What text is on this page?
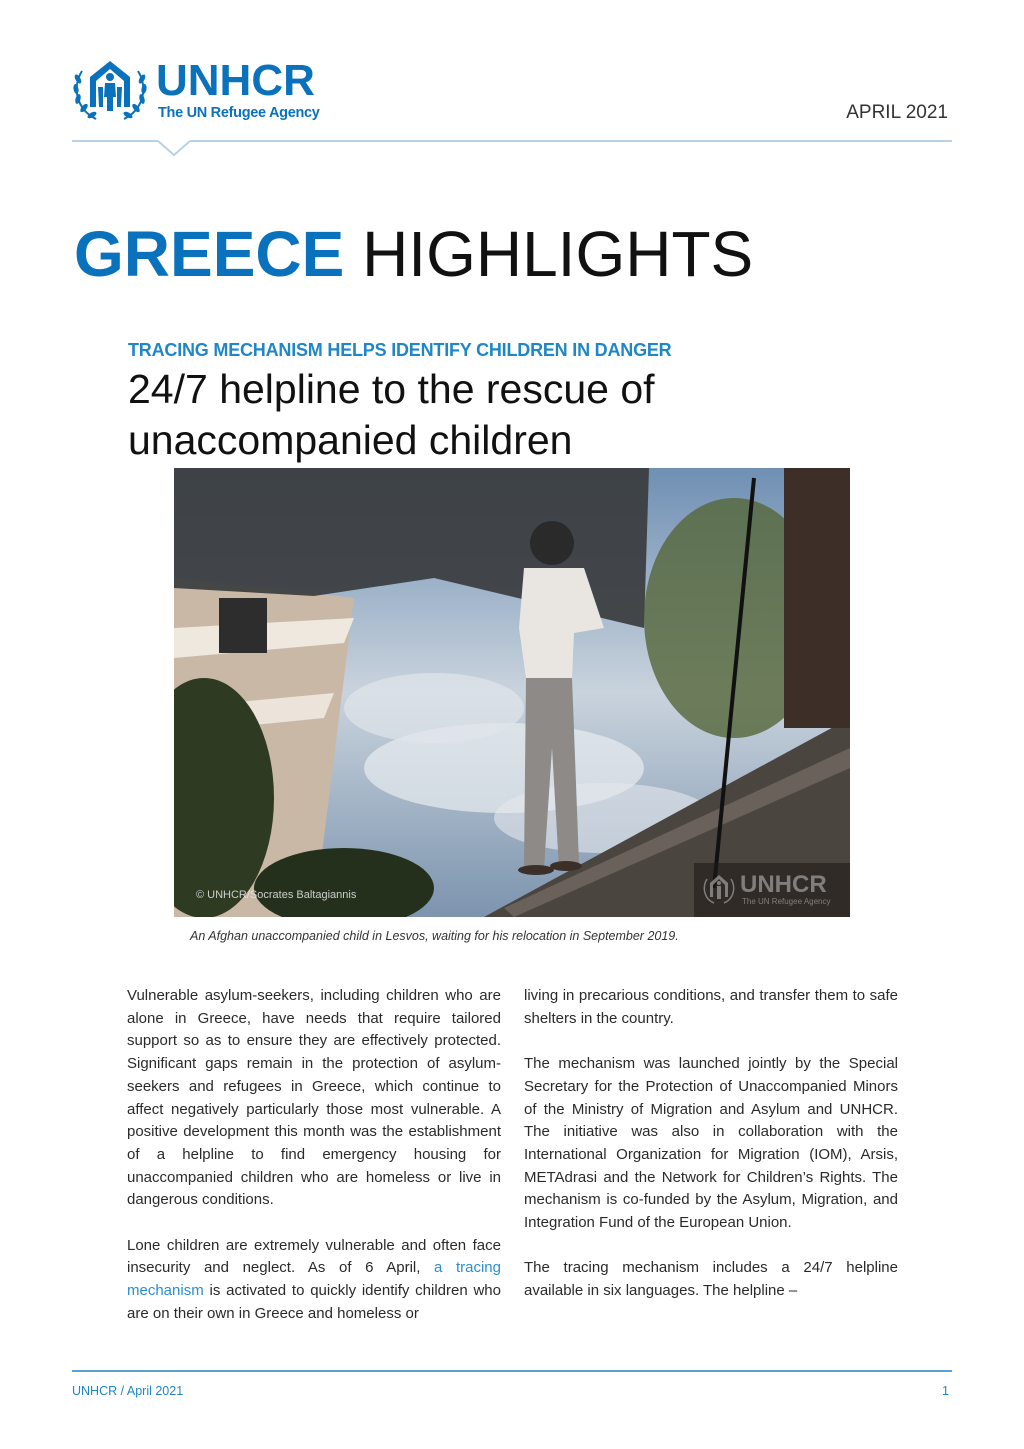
UNHCR
The UN Refugee Agency	APRIL 2021
GREECE HIGHLIGHTS
TRACING MECHANISM HELPS IDENTIFY CHILDREN IN DANGER
24/7 helpline to the rescue of unaccompanied children
© UNHCR/Socrates Baltagiannis	UNHCR
The UN Refugee Agency
An Afghan unaccompanied child in Lesvos, waiting for his relocation in September 2019.

Vulnerable asylum-seekers, including children who are alone in Greece, have needs that require tailored support so as to ensure they are effectively protected. Significant gaps remain in the protection of asylum-seekers and refugees in Greece, which continue to affect negatively particularly those most vulnerable. A positive development this month was the establishment of a helpline to find emergency housing for unaccompanied children who are homeless or live in dangerous conditions.

Lone children are extremely vulnerable and often face insecurity and neglect. As of 6 April, a tracing mechanism is activated to quickly identify children who are on their own in Greece and homeless or

living in precarious conditions, and transfer them to safe shelters in the country.

The mechanism was launched jointly by the Special Secretary for the Protection of Unaccompanied Minors of the Ministry of Migration and Asylum and UNHCR. The initiative was also in collaboration with the International Organization for Migration (IOM), Arsis, METAdrasi and the Network for Children’s Rights. The mechanism is co-funded by the Asylum, Migration, and Integration Fund of the European Union.

The tracing mechanism includes a 24/7 helpline available in six languages. The helpline –

UNHCR / April 2021	1
